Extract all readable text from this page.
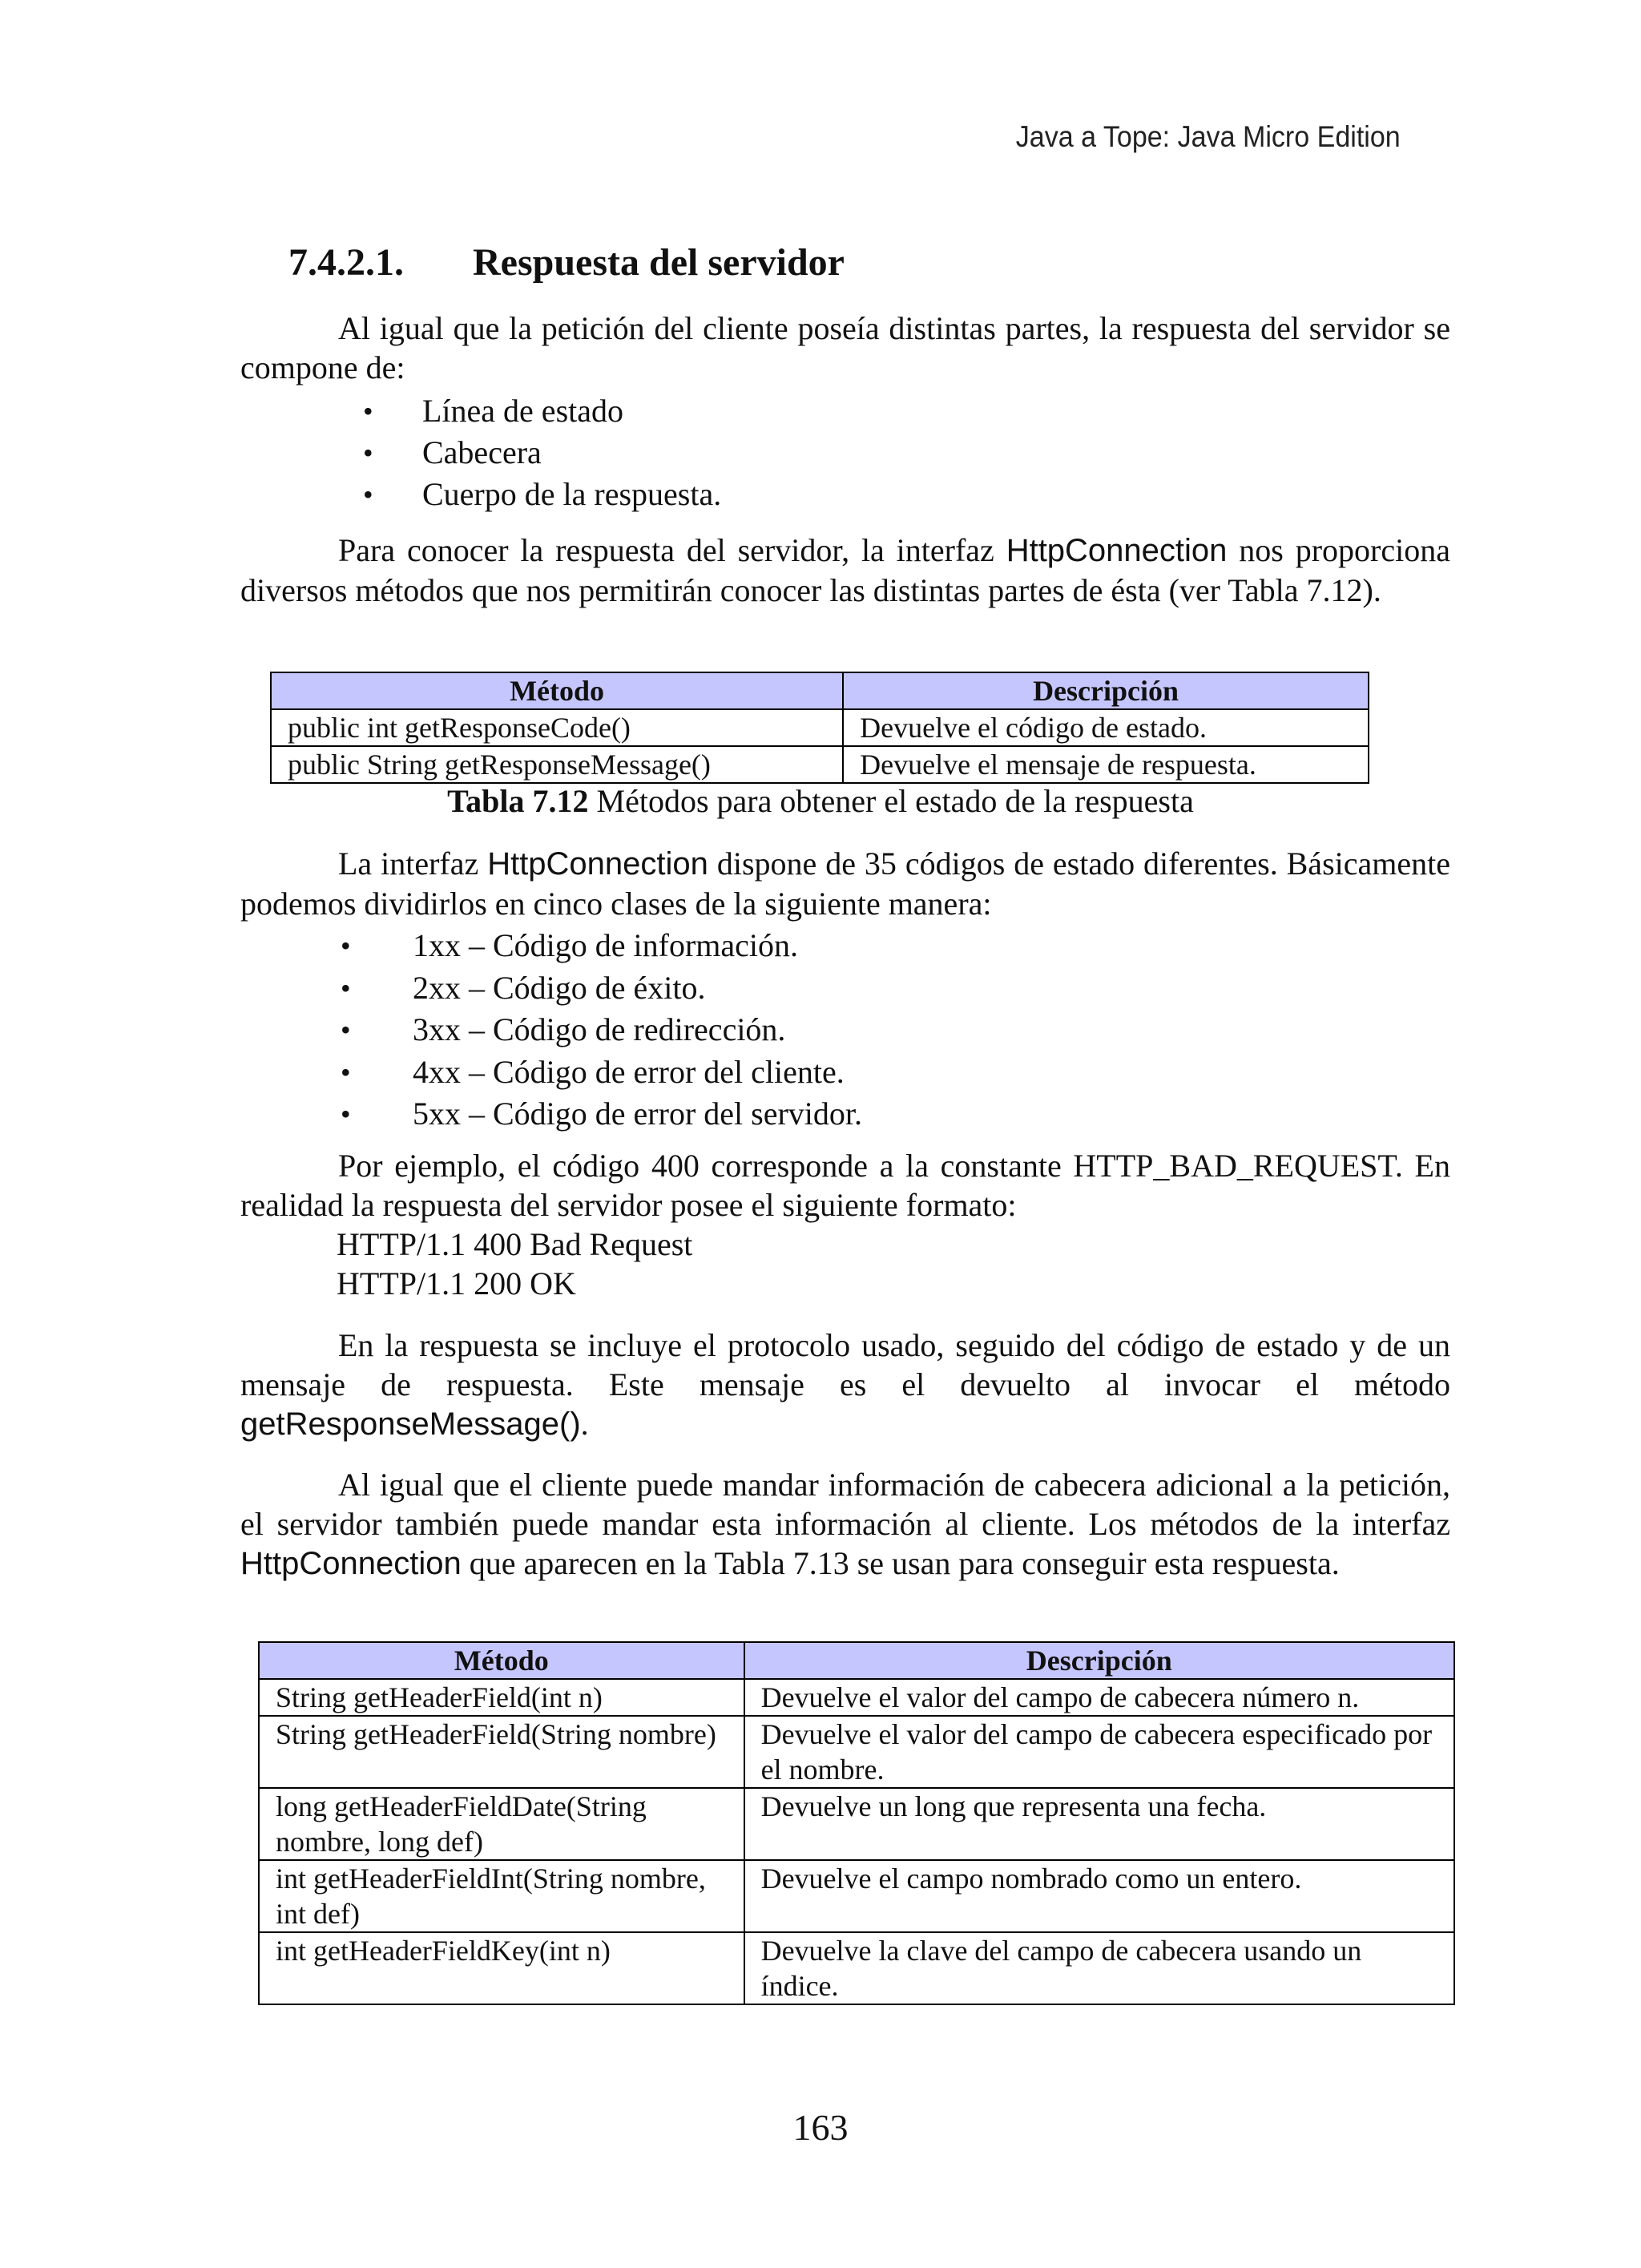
Java a Tope: Java Micro Edition
7.4.2.1. Respuesta del servidor

Al igual que la petición del cliente poseía distintas partes, la respuesta del servidor se compone de:

• Línea de estado
• Cabecera
• Cuerpo de la respuesta.

Para conocer la respuesta del servidor, la interfaz HttpConnection nos proporciona diversos métodos que nos permitirán conocer las distintas partes de ésta (ver Tabla 7.12).

Método	Descripción
public int getResponseCode()	Devuelve el código de estado.
public String getResponseMessage()	Devuelve el mensaje de respuesta.
Tabla 7.12 Métodos para obtener el estado de la respuesta

La interfaz HttpConnection dispone de 35 códigos de estado diferentes. Básicamente podemos dividirlos en cinco clases de la siguiente manera:

• 1xx – Código de información.
• 2xx – Código de éxito.
• 3xx – Código de redirección.
• 4xx – Código de error del cliente.
• 5xx – Código de error del servidor.

Por ejemplo, el código 400 corresponde a la constante HTTP_BAD_REQUEST. En realidad la respuesta del servidor posee el siguiente formato:

HTTP/1.1 400 Bad Request

HTTP/1.1 200 OK

En la respuesta se incluye el protocolo usado, seguido del código de estado y de un mensaje de respuesta. Este mensaje es el devuelto al invocar el método getResponseMessage().

Al igual que el cliente puede mandar información de cabecera adicional a la petición, el servidor también puede mandar esta información al cliente. Los métodos de la interfaz HttpConnection que aparecen en la Tabla 7.13 se usan para conseguir esta respuesta.

Método	Descripción
String getHeaderField(int n)	Devuelve el valor del campo de cabecera número n.
String getHeaderField(String nombre)	Devuelve el valor del campo de cabecera especificado por el nombre.
long getHeaderFieldDate(String nombre, long def)	Devuelve un long que representa una fecha.
int getHeaderFieldInt(String nombre, int def)	Devuelve el campo nombrado como un entero.
int getHeaderFieldKey(int n)	Devuelve la clave del campo de cabecera usando un índice.
163
